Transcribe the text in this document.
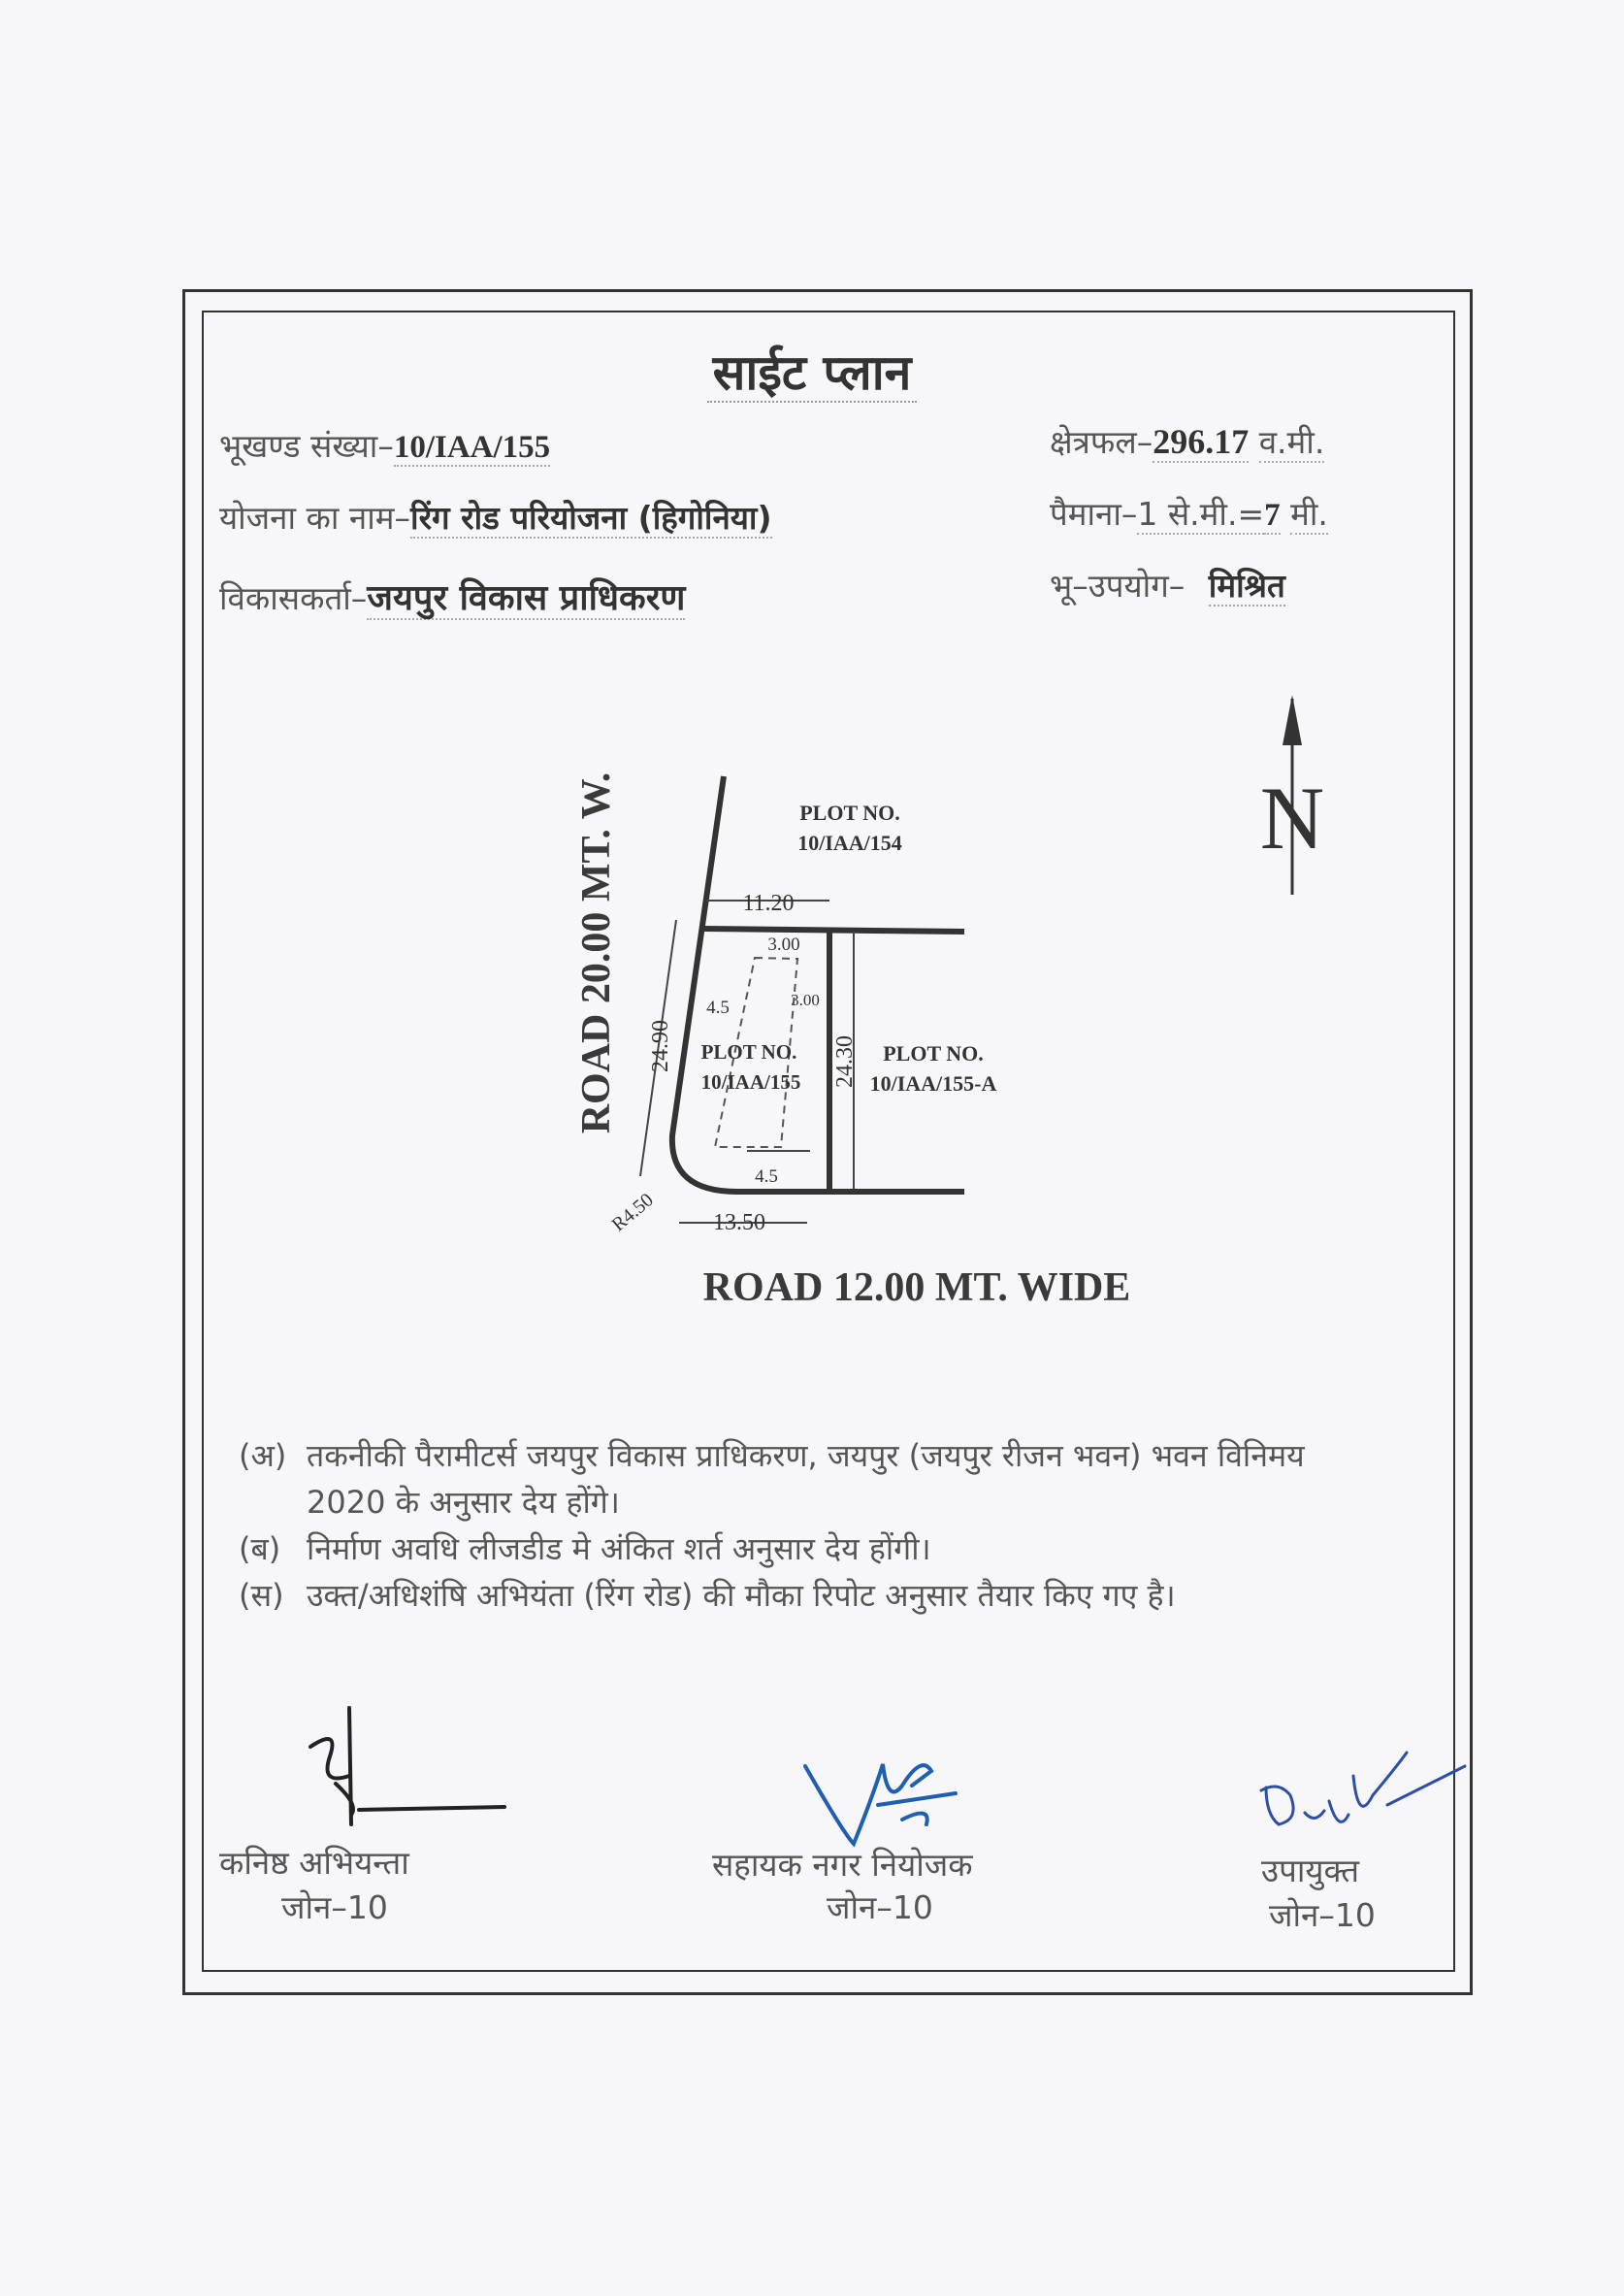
साईट प्लान
भूखण्ड संख्या–10/IAA/155
योजना का नाम–रिंग रोड परियोजना (हिगोनिया)
विकासकर्ता–जयपुर विकास प्राधिकरण
क्षेत्रफल–296.17 व.मी.
पैमाना–1 से.मी.=7 मी.
भू–उपयोग– मिश्रित
N
11.20
13.50
24.90	24.30
R4.50
3.00
3.00
4.5
4.5
PLOT NO.
10/IAA/154
PLOT NO.
10/IAA/155-A
PLOT NO.
10/IAA/155
ROAD 20.00 MT. W.
ROAD 12.00 MT. WIDE
(अ) तकनीकी पैरामीटर्स जयपुर विकास प्राधिकरण, जयपुर (जयपुर रीजन भवन) भवन विनिमय 2020 के अनुसार देय होंगे।
(ब) निर्माण अवधि लीजडीड मे अंकित शर्त अनुसार देय होंगी।
(स) उक्त/अधिशंषि अभियंता (रिंग रोड) की मौका रिपोट अनुसार तैयार किए गए है।
कनिष्ठ अभियन्ता
जोन–10
सहायक नगर नियोजक
जोन–10
उपायुक्त
जोन–10
